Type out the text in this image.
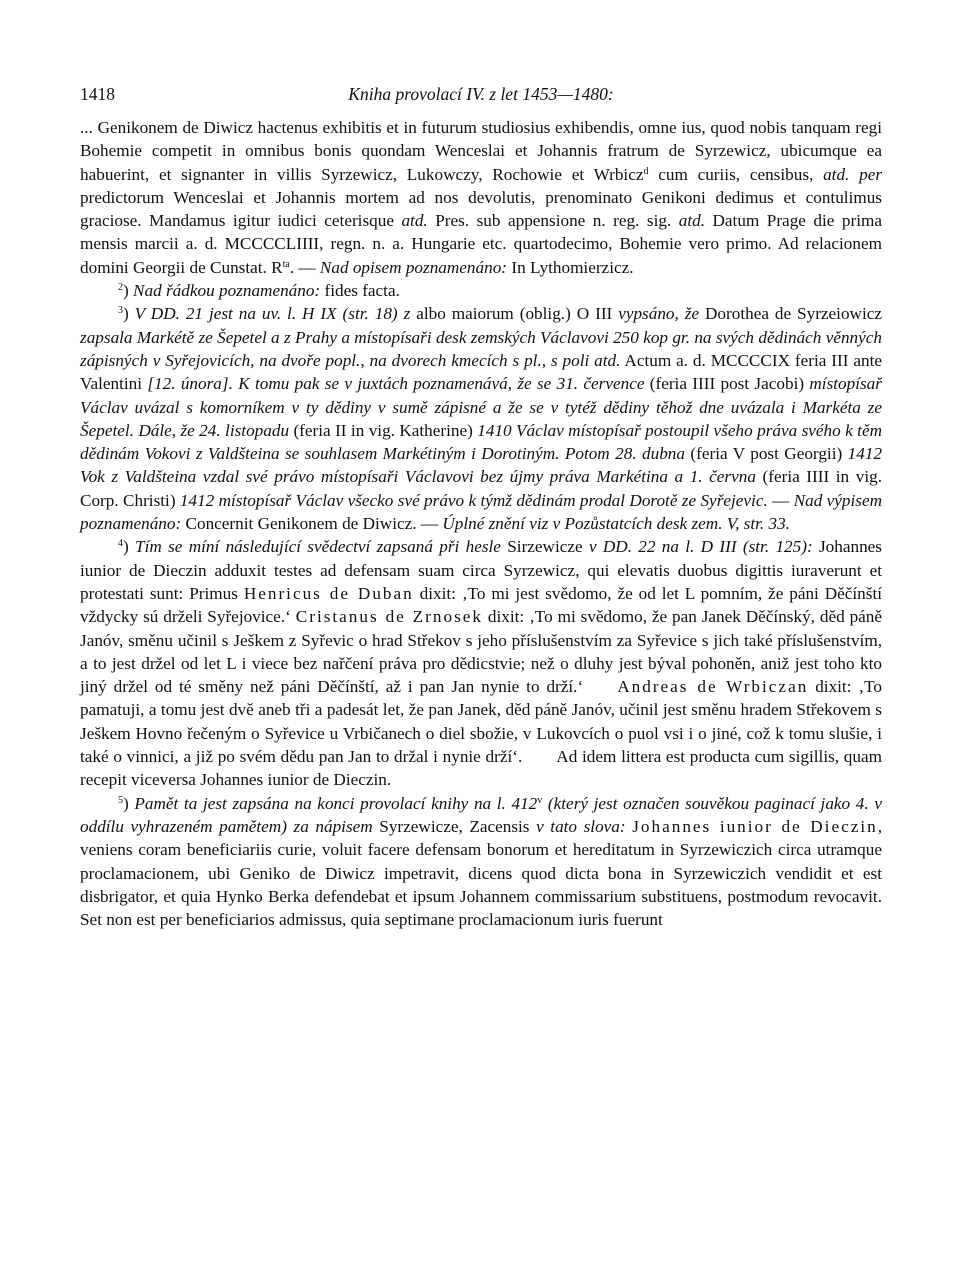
1418	Kniha provolací IV. z let 1453—1480:

... Genikonem de Diwicz hactenus exhibitis et in futurum studiosius exhibendis, omne ius, quod nobis tanquam regi Bohemie competit in omnibus bonis quondam Wenceslai et Johannis fratrum de Syrzewicz, ubicumque ea habuerint, et signanter in villis Syrzewicz, Lukowczy, Rochowie et Wrbicz$^d$ cum curiis, censibus, atd. per predictorum Wenceslai et Johannis mortem ad nos devolutis, prenominato Genikoni dedimus et contulimus graciose. Mandamus igitur iudici ceterisque atd. Pres. sub appensione n. reg. sig. atd. Datum Prage die prima mensis marcii a. d. MCCCCLIIII, regn. n. a. Hungarie etc. quartodecimo, Bohemie vero primo. Ad relacionem domini Georgii de Cunstat. $R^{ta}$. — Nad opisem poznamenáno: In Lythomierzicz.

$^2$) Nad řádkou poznamenáno: fides facta.

$^3$) V DD. 21 jest na uv. l. H IX (str. 18) z albo maiorum (oblig.) O III vypsáno, že Dorothea de Syrzeiowicz zapsala Markétě ze Šepetel a z Prahy a místopísaři desk zemských Václavovi 250 kop gr. na svých dědinách věnných zápisných v Syřejovicích, na dvoře popl., na dvorech kmecích s pl., s poli atd. Actum a. d. MCCCCIX feria III ante Valentini [12. února]. K tomu pak se v juxtách poznamenává, že se 31. července (feria IIII post Jacobi) místopísař Václav uvázal s komorníkem v ty dědiny v sumě zápisné a že se v tytéž dědiny těhož dne uvázala i Markéta ze Šepetel. Dále, že 24. listopadu (feria II in vig. Katherine) 1410 Václav místopísař postoupil všeho práva svého k těm dědinám Vokovi z Valdšteina se souhlasem Markétiným i Dorotiným. Potom 28. dubna (feria V post Georgii) 1412 Vok z Valdšteina vzdal své právo místopísaři Václavovi bez újmy práva Markétina a 1. června (feria IIII in vig. Corp. Christi) 1412 místopísař Václav všecko své právo k týmž dědinám prodal Dorotě ze Syřejevic. — Nad výpisem poznamenáno: Concernit Genikonem de Diwicz. — Úplné znění viz v Pozůstatcích desk zem. V, str. 33.

$^4$) Tím se míní následující svědectví zapsaná při hesle Sirzewicze v DD. 22 na l. D III (str. 125): Johannes iunior de Dieczin adduxit testes ad defensam suam circa Syrzewicz, qui elevatis duobus digittis iuraverunt et protestati sunt: Primus Henricus de Duban dixit: ‚To mi jest svědomo, že od let L pomním, že páni Děčínští vždycky sú drželi Syřejovice.‘ Cristanus de Zrnosek dixit: ‚To mi svědomo, že pan Janek Děčínský, děd páně Janóv, směnu učinil s Ješkem z Syřevic o hrad Střekov s jeho příslušenstvím za Syřevice s jich také příslušenstvím, a to jest držel od let L i viece bez nařčení práva pro dědicstvie; než o dluhy jest býval pohoněn, aniž jest toho kto jiný držel od té směny než páni Děčínští, až i pan Jan nynie to drží.‘ Andreas de Wrbiczan dixit: ‚To pamatuji, a tomu jest dvě aneb tři a padesát let, že pan Janek, děd páně Janóv, učinil jest směnu hradem Střekovem s Ješkem Hovno řečeným o Syřevice u Vrbičanech o diel sbožie, v Lukovcích o puol vsi i o jiné, což k tomu slušie, i také o vinnici, a již po svém dědu pan Jan to držal i nynie drží‘. Ad idem littera est producta cum sigillis, quam recepit viceversa Johannes iunior de Dieczin.

$^5$) Pamět ta jest zapsána na konci provolací knihy na l. 412$^v$ (který jest označen souvěkou paginací jako 4. v oddílu vyhrazeném pamětem) za nápisem Syrzewicze, Zacensis v tato slova: Johannes iunior de Dieczin, veniens coram beneficiariis curie, voluit facere defensam bonorum et hereditatum in Syrzewiczich circa utramque proclamacionem, ubi Geniko de Diwicz impetravit, dicens quod dicta bona in Syrzewiczich vendidit et est disbrigator, et quia Hynko Berka defendebat et ipsum Johannem commissarium substituens, postmodum revocavit. Set non est per beneficiarios admissus, quia septimane proclamacionum iuris fuerunt
